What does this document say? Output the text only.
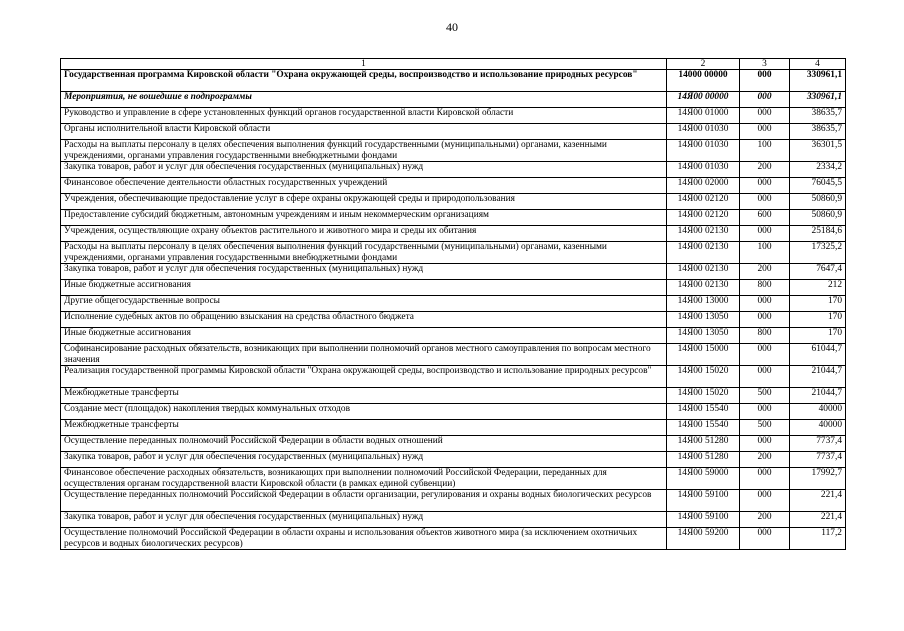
40
1	2	3	4
Государственная программа Кировской области "Охрана окружающей среды, воспроизводство и использование природных ресурсов"	14000 00000	000	330961,1
Мероприятия, не вошедшие в подпрограммы	14Я00 00000	000	330961,1
Руководство и управление в сфере установленных функций органов государственной власти Кировской области	14Я00 01000	000	38635,7
Органы исполнительной власти Кировской области	14Я00 01030	000	38635,7
Расходы на выплаты персоналу в целях обеспечения выполнения функций государственными (муниципальными) органами, казенными учреждениями, органами управления государственными внебюджетными фондами	14Я00 01030	100	36301,5
Закупка товаров, работ и услуг для обеспечения государственных (муниципальных) нужд	14Я00 01030	200	2334,2
Финансовое обеспечение деятельности областных государственных учреждений	14Я00 02000	000	76045,5
Учреждения, обеспечивающие предоставление услуг в сфере охраны окружающей среды и природопользования	14Я00 02120	000	50860,9
Предоставление субсидий бюджетным, автономным учреждениям и иным некоммерческим организациям	14Я00 02120	600	50860,9
Учреждения, осуществляющие охрану объектов растительного и животного мира и среды их обитания	14Я00 02130	000	25184,6
Расходы на выплаты персоналу в целях обеспечения выполнения функций государственными (муниципальными) органами, казенными учреждениями, органами управления государственными внебюджетными фондами	14Я00 02130	100	17325,2
Закупка товаров, работ и услуг для обеспечения государственных (муниципальных) нужд	14Я00 02130	200	7647,4
Иные бюджетные ассигнования	14Я00 02130	800	212
Другие общегосударственные вопросы	14Я00 13000	000	170
Исполнение судебных актов по обращению взыскания на средства областного бюджета	14Я00 13050	000	170
Иные бюджетные ассигнования	14Я00 13050	800	170
Софинансирование расходных обязательств, возникающих при выполнении полномочий органов местного самоуправления по вопросам местного значения	14Я00 15000	000	61044,7
Реализация государственной программы Кировской области "Охрана окружающей среды, воспроизводство и использование природных ресурсов"	14Я00 15020	000	21044,7
Межбюджетные трансферты	14Я00 15020	500	21044,7
Создание мест (площадок) накопления твердых коммунальных отходов	14Я00 15540	000	40000
Межбюджетные трансферты	14Я00 15540	500	40000
Осуществление переданных полномочий Российской Федерации в области водных отношений	14Я00 51280	000	7737,4
Закупка товаров, работ и услуг для обеспечения государственных (муниципальных) нужд	14Я00 51280	200	7737,4
Финансовое обеспечение расходных обязательств, возникающих при выполнении полномочий Российской Федерации, переданных для осуществления органам государственной власти Кировской области (в рамках единой субвенции)	14Я00 59000	000	17992,7
Осуществление переданных полномочий Российской Федерации в области организации, регулирования и охраны водных биологических ресурсов	14Я00 59100	000	221,4
Закупка товаров, работ и услуг для обеспечения государственных (муниципальных) нужд	14Я00 59100	200	221,4
Осуществление полномочий Российской Федерации в области охраны и использования объектов животного мира (за исключением охотничьих ресурсов и водных биологических ресурсов)	14Я00 59200	000	117,2
